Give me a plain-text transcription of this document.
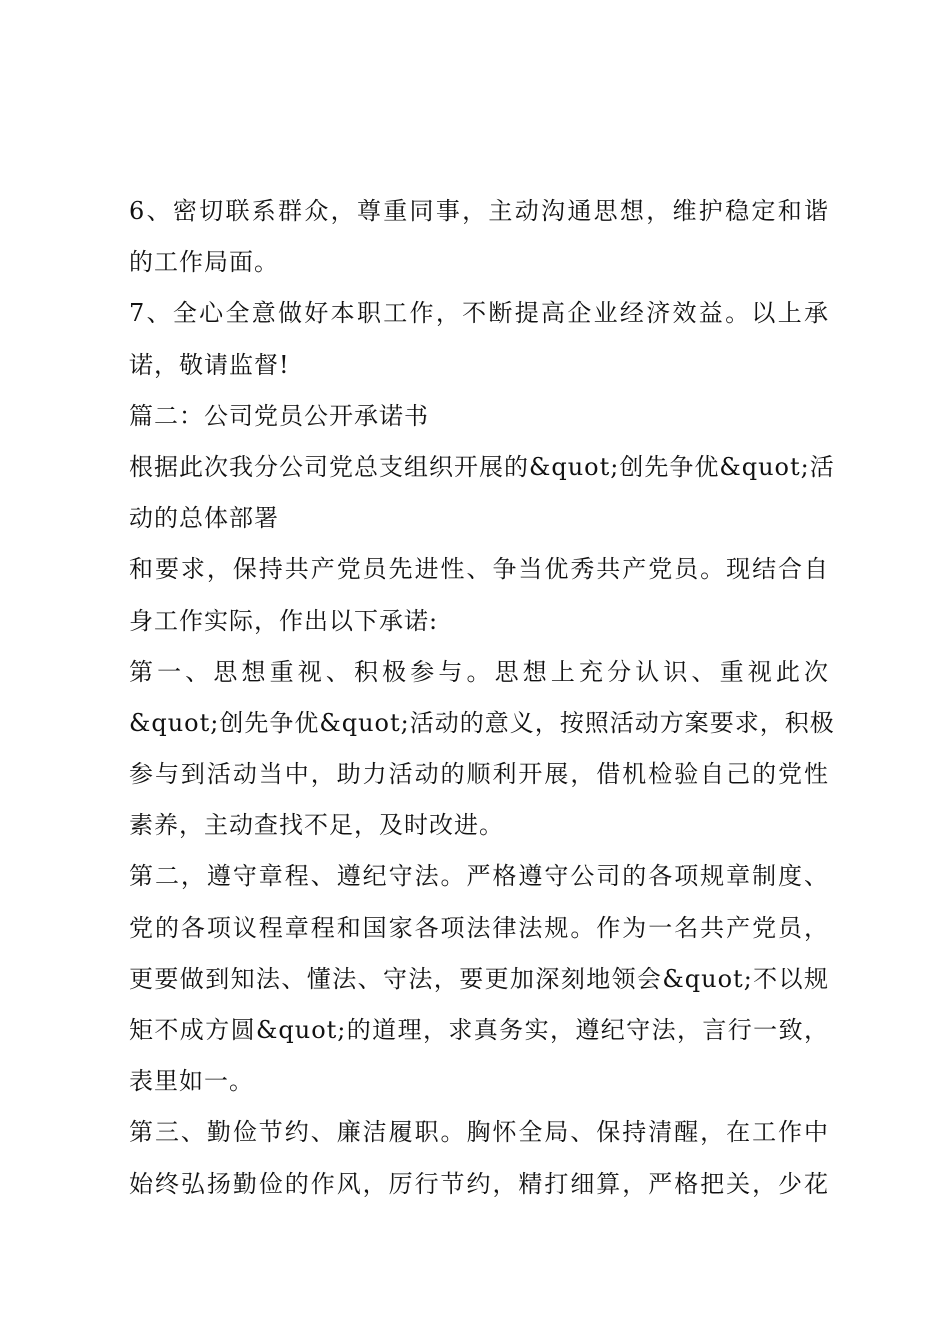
6、密切联系群众，尊重同事，主动沟通思想，维护稳定和谐
的工作局面。
7、全心全意做好本职工作，不断提高企业经济效益。以上承
诺，敬请监督!
篇二：公司党员公开承诺书
根据此次我分公司党总支组织开展的&quot;创先争优&quot;活
动的总体部署
和要求，保持共产党员先进性、争当优秀共产党员。现结合自
身工作实际，作出以下承诺:
第一、思想重视、积极参与。思想上充分认识、重视此次
&quot;创先争优&quot;活动的意义，按照活动方案要求，积极
参与到活动当中，助力活动的顺利开展，借机检验自己的党性
素养，主动查找不足，及时改进。
第二，遵守章程、遵纪守法。严格遵守公司的各项规章制度、
党的各项议程章程和国家各项法律法规。作为一名共产党员，
更要做到知法、懂法、守法，要更加深刻地领会&quot;不以规
矩不成方圆&quot;的道理，求真务实，遵纪守法，言行一致，
表里如一。
第三、勤俭节约、廉洁履职。胸怀全局、保持清醒，在工作中
始终弘扬勤俭的作风，厉行节约，精打细算，严格把关，少花
